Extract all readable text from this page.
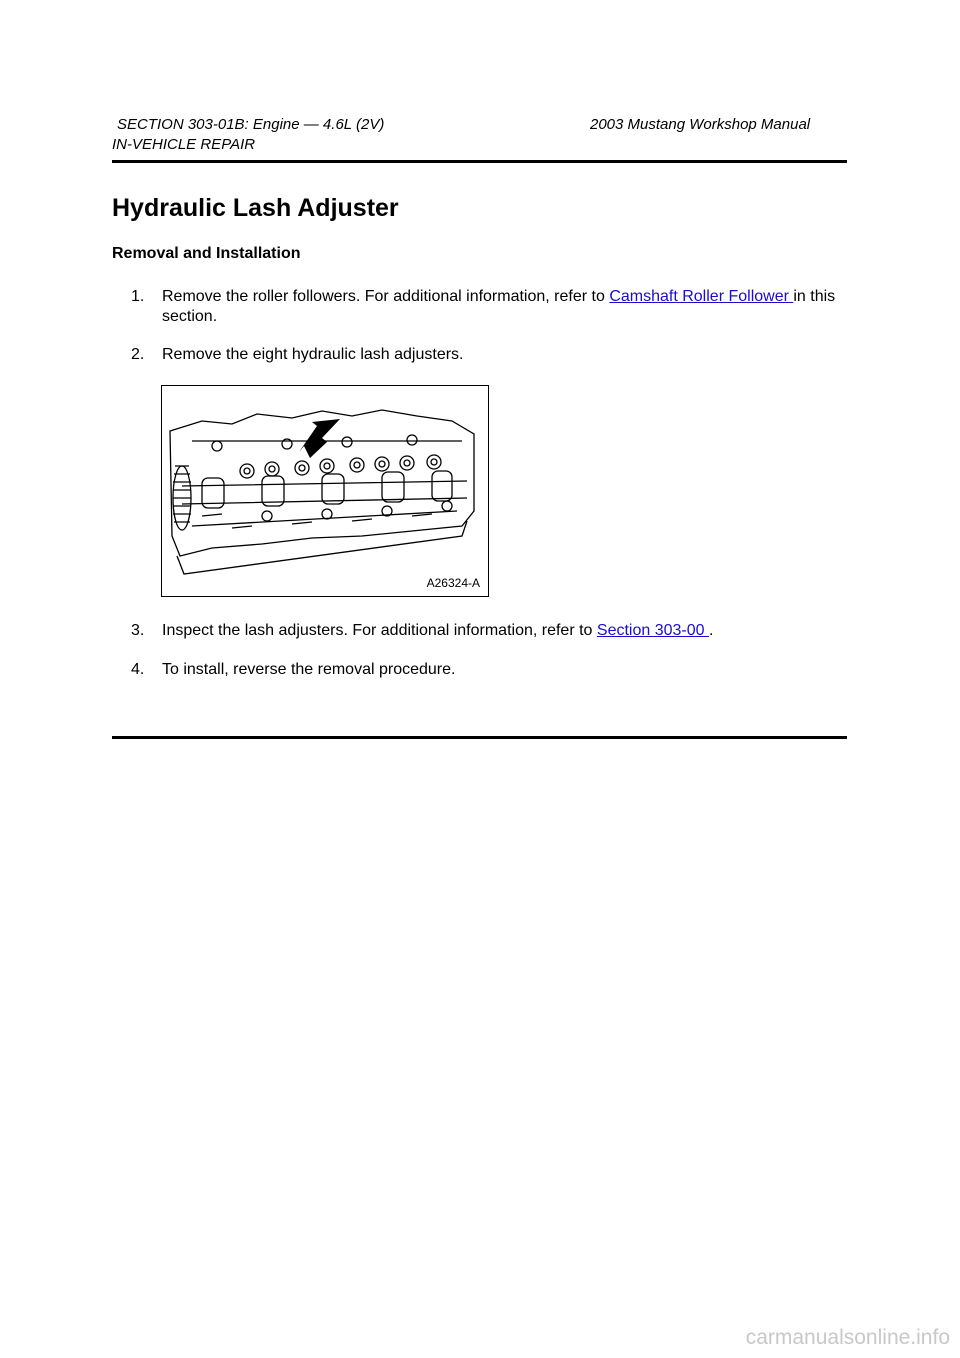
SECTION 303-01B: Engine — 4.6L (2V)	2003 Mustang Workshop Manual
IN-VEHICLE REPAIR
Hydraulic Lash Adjuster
Removal and Installation
1. Remove the roller followers. For additional information, refer to Camshaft Roller Follower in this section.
2. Remove the eight hydraulic lash adjusters.
A26324-A
3. Inspect the lash adjusters. For additional information, refer to Section 303-00 .
4. To install, reverse the removal procedure.
carmanualsonline.info
